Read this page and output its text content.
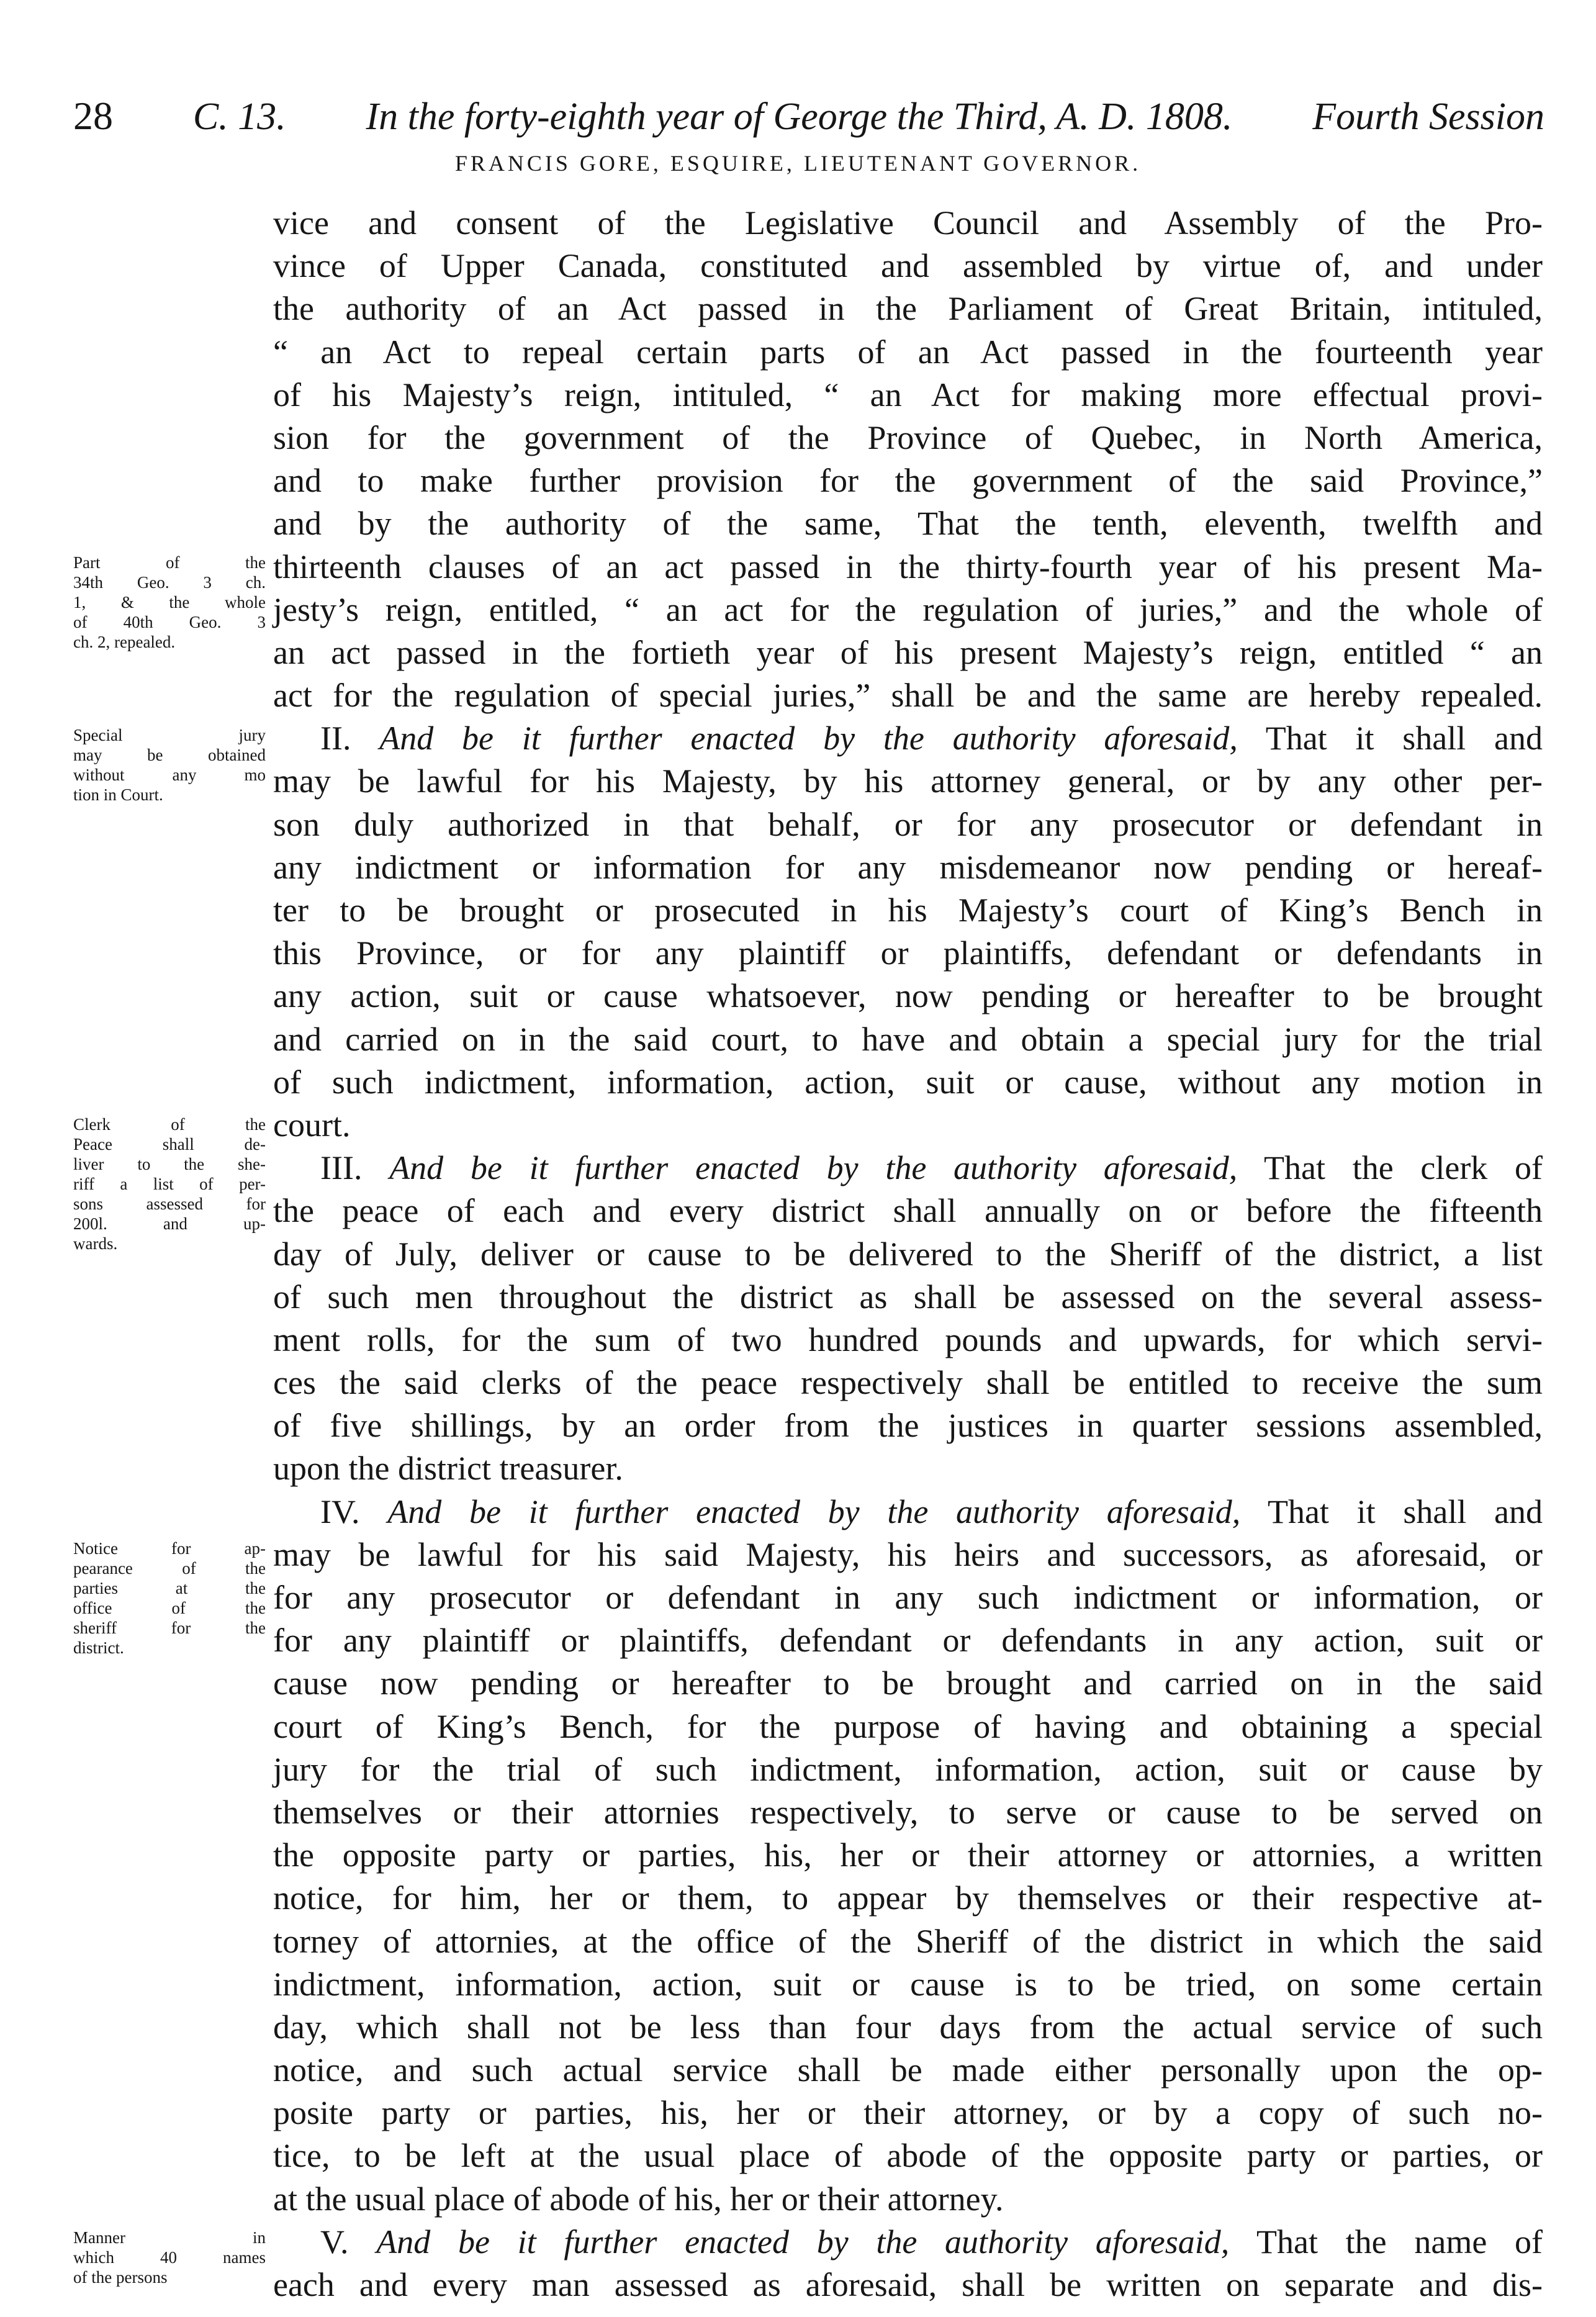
28 C. 13. In the forty-eighth year of George the Third, A. D. 1808. Fourth Session
FRANCIS GORE, ESQUIRE, LIEUTENANT GOVERNOR.
Part of the
34th Geo. 3 ch.
1, & the whole
of 40th Geo. 3
ch. 2, repealed.
Special jury
may be obtained
without any mo
tion in Court.
Clerk of the
Peace shall de-
liver to the she-
riff a list of per-
sons assessed for
200l. and up-
wards.
Notice for ap-
pearance of the
parties at the
office of the
sheriff for the
district.
Manner in
which 40 names
of the persons
vice and consent of the Legislative Council and Assembly of the Pro-
vince of Upper Canada, constituted and assembled by virtue of, and under
the authority of an Act passed in the Parliament of Great Britain, intituled,
“ an Act to repeal certain parts of an Act passed in the fourteenth year
of his Majesty’s reign, intituled, “ an Act for making more effectual provi-
sion for the government of the Province of Quebec, in North America,
and to make further provision for the government of the said Province,”
and by the authority of the same, That the tenth, eleventh, twelfth and
thirteenth clauses of an act passed in the thirty-fourth year of his present Ma-
jesty’s reign, entitled, “ an act for the regulation of juries,” and the whole of
an act passed in the fortieth year of his present Majesty’s reign, entitled “ an
act for the regulation of special juries,” shall be and the same are hereby repealed.
II. And be it further enacted by the authority aforesaid, That it shall and
may be lawful for his Majesty, by his attorney general, or by any other per-
son duly authorized in that behalf, or for any prosecutor or defendant in
any indictment or information for any misdemeanor now pending or hereaf-
ter to be brought or prosecuted in his Majesty’s court of King’s Bench in
this Province, or for any plaintiff or plaintiffs, defendant or defendants in
any action, suit or cause whatsoever, now pending or hereafter to be brought
and carried on in the said court, to have and obtain a special jury for the trial
of such indictment, information, action, suit or cause, without any motion in
court.
III. And be it further enacted by the authority aforesaid, That the clerk of
the peace of each and every district shall annually on or before the fifteenth
day of July, deliver or cause to be delivered to the Sheriff of the district, a list
of such men throughout the district as shall be assessed on the several assess-
ment rolls, for the sum of two hundred pounds and upwards, for which servi-
ces the said clerks of the peace respectively shall be entitled to receive the sum
of five shillings, by an order from the justices in quarter sessions assembled,
upon the district treasurer.
IV. And be it further enacted by the authority aforesaid, That it shall and
may be lawful for his said Majesty, his heirs and successors, as aforesaid, or
for any prosecutor or defendant in any such indictment or information, or
for any plaintiff or plaintiffs, defendant or defendants in any action, suit or
cause now pending or hereafter to be brought and carried on in the said
court of King’s Bench, for the purpose of having and obtaining a special
jury for the trial of such indictment, information, action, suit or cause by
themselves or their attornies respectively, to serve or cause to be served on
the opposite party or parties, his, her or their attorney or attornies, a written
notice, for him, her or them, to appear by themselves or their respective at-
torney of attornies, at the office of the Sheriff of the district in which the said
indictment, information, action, suit or cause is to be tried, on some certain
day, which shall not be less than four days from the actual service of such
notice, and such actual service shall be made either personally upon the op-
posite party or parties, his, her or their attorney, or by a copy of such no-
tice, to be left at the usual place of abode of the opposite party or parties, or
at the usual place of abode of his, her or their attorney.
V. And be it further enacted by the authority aforesaid, That the name of
each and every man assessed as aforesaid, shall be written on separate and dis-
